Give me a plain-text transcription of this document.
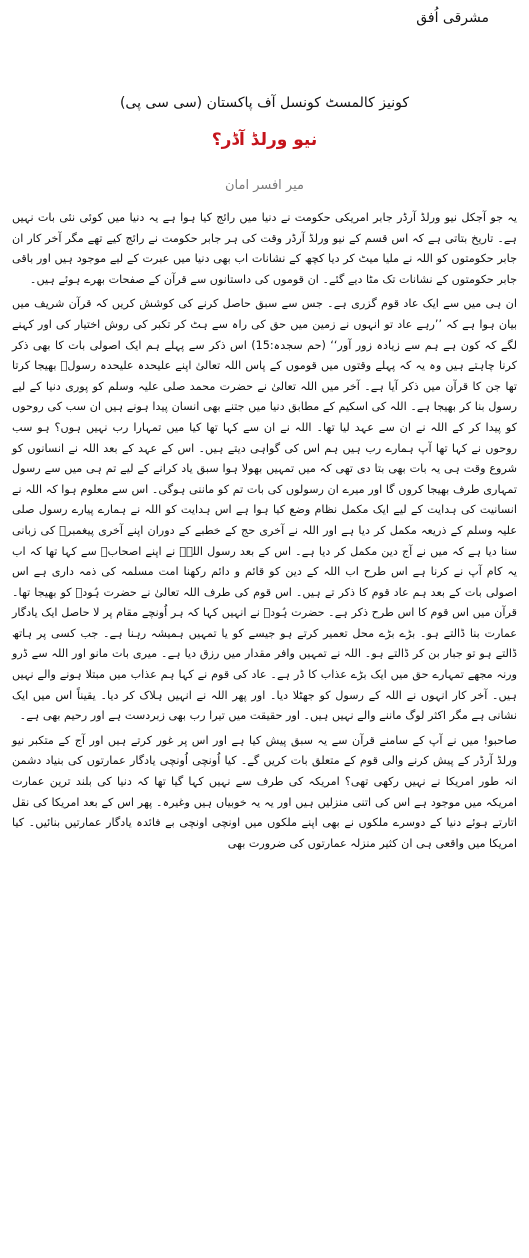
مشرقی اُفق
کونیز کالمسٹ کونسل آف پاکستان (سی سی پی)
نیو ورلڈ آڈر؟
میر افسر امان

یہ جو آجکل نیو ورلڈ آرڈر جابر امریکی حکومت نے دنیا میں رائج کیا ہوا ہے یہ دنیا میں کوئی نئی بات نہیں ہے۔ تاریخ بتاتی ہے کہ اس قسم کے نیو ورلڈ آرڈر وقت کی ہر جابر حکومت نے رائج کیے تھے مگر آخر کار ان جابر حکومتوں کو اللہ نے ملیا میٹ کر دیا کچھ کے نشانات اب بھی دنیا میں عبرت کے لیے موجود ہیں اور باقی جابر حکومتوں کے نشانات تک مٹا دیے گئے۔ ان قوموں کی داستانوں سے قرآن کے صفحات بھرے ہوئے ہیں۔

ان ہی میں سے ایک عاد قوم گزری ہے۔ جس سے سبق حاصل کرنے کی کوشش کریں کہ قرآن شریف میں بیان ہوا ہے کہ ’’رہے عاد تو انہوں نے زمین میں حق کی راہ سے ہٹ کر تکبر کی روش اختیار کی اور کہنے لگے کہ کون ہے ہم سے زیادہ زور آور‘‘ (حم سجدہ:15) اس ذکر سے پہلے ہم ایک اصولی بات کا بھی ذکر کرنا چاہتے ہیں وہ یہ کہ پہلے وقتوں میں قوموں کے پاس اللہ تعالیٰ اپنے علیحدہ علیحدہ رسولؐ بھیجا کرتا تھا جن کا قرآن میں ذکر آیا ہے۔ آخر میں اللہ تعالیٰ نے حضرت محمد صلی علیہ وسلم کو پوری دنیا کے لیے رسول بنا کر بھیجا ہے۔ اللہ کی اسکیم کے مطابق دنیا میں جتنے بھی انسان پیدا ہونے ہیں ان سب کی روحوں کو پیدا کر کے اللہ نے ان سے عہد لیا تھا۔ اللہ نے ان سے کہا تھا کیا میں تمہارا رب نہیں ہوں؟ ہو سب روحوں نے کہا تھا آپ ہمارے رب ہیں ہم اس کی گواہی دیتے ہیں۔ اس کے عہد کے بعد اللہ نے انسانوں کو شروع وقت ہی یہ بات بھی بتا دی تھی کہ میں تمہیں بھولا ہوا سبق یاد کرانے کے لیے تم ہی میں سے رسول تمہاری طرف بھیجا کروں گا اور میرے ان رسولوں کی بات تم کو ماننی ہوگی۔ اس سے معلوم ہوا کہ اللہ نے انسانیت کی ہدایت کے لیے ایک مکمل نظام وضع کیا ہوا ہے اس ہدایت کو اللہ نے ہمارے پیارے رسول صلی علیہ وسلم کے ذریعہ مکمل کر دیا ہے اور اللہ نے آخری حج کے خطبے کے دوران اپنے آخری پیغمبرؐ کی زبانی سنا دیا ہے کہ میں نے آج دین مکمل کر دیا ہے۔ اس کے بعد رسول اللہؐ نے اپنے اصحابؓ سے کہا تھا کہ اب یہ کام آپ نے کرنا ہے اس طرح اب اللہ کے دین کو قائم و دائم رکھنا امت مسلمہ کی ذمہ داری ہے اس اصولی بات کے بعد ہم عاد قوم کا ذکر تے ہیں۔ اس قوم کی طرف اللہ تعالیٰ نے حضرت ہُودؑ کو بھیجا تھا۔ قرآن میں اس قوم کا اس طرح ذکر ہے۔ حضرت ہُودؑ نے انہیں کہا کہ ہر اُونچے مقام پر لا حاصل ایک یادگار عمارت بنا ڈالتے ہو۔ بڑے بڑے محل تعمیر کرتے ہو جیسے کو یا تمہیں ہمیشہ رہنا ہے۔ جب کسی پر ہاتھ ڈالتے ہو تو جبار بن کر ڈالتے ہو۔ اللہ نے تمہیں وافر مقدار میں رزق دیا ہے۔ میری بات مانو اور اللہ سے ڈرو ورنہ مجھے تمہارے حق میں ایک بڑے عذاب کا ڈر ہے۔ عاد کی قوم نے کہا ہم عذاب میں مبتلا ہونے والے نہیں ہیں۔ آخر کار انہوں نے اللہ کے رسول کو جھٹلا دیا۔ اور پھر اللہ نے انہیں ہلاک کر دیا۔ یقیناً اس میں ایک نشانی ہے مگر اکثر لوگ ماننے والے نہیں ہیں۔ اور حقیقت میں تیرا رب بھی زبردست ہے اور رحیم بھی ہے۔

صاحبو! میں نے آپ کے سامنے قرآن سے یہ سبق پیش کیا ہے اور اس پر غور کرتے ہیں اور آج کے متکبر نیو ورلڈ آرڈر کے پیش کرنے والی قوم کے متعلق بات کریں گے۔ کیا اُونچی اُونچی یادگار عمارتوں کی بنیاد دشمن انہ طور امریکا نے نہیں رکھی تھی؟ امریکہ کی طرف سے نہیں کہا گیا تھا کہ دنیا کی بلند ترین عمارت امریکہ میں موجود ہے اس کی اتنی منزلیں ہیں اور یہ یہ خوبیاں ہیں وغیرہ۔ پھر اس کے بعد امریکا کی نقل اتارتے ہوئے دنیا کے دوسرے ملکوں نے بھی اپنے ملکوں میں اونچی اونچی بے فائدہ یادگار عمارتیں بنائیں۔ کیا امریکا میں واقعی ہی ان کثیر منزلہ عمارتوں کی ضرورت بھی
